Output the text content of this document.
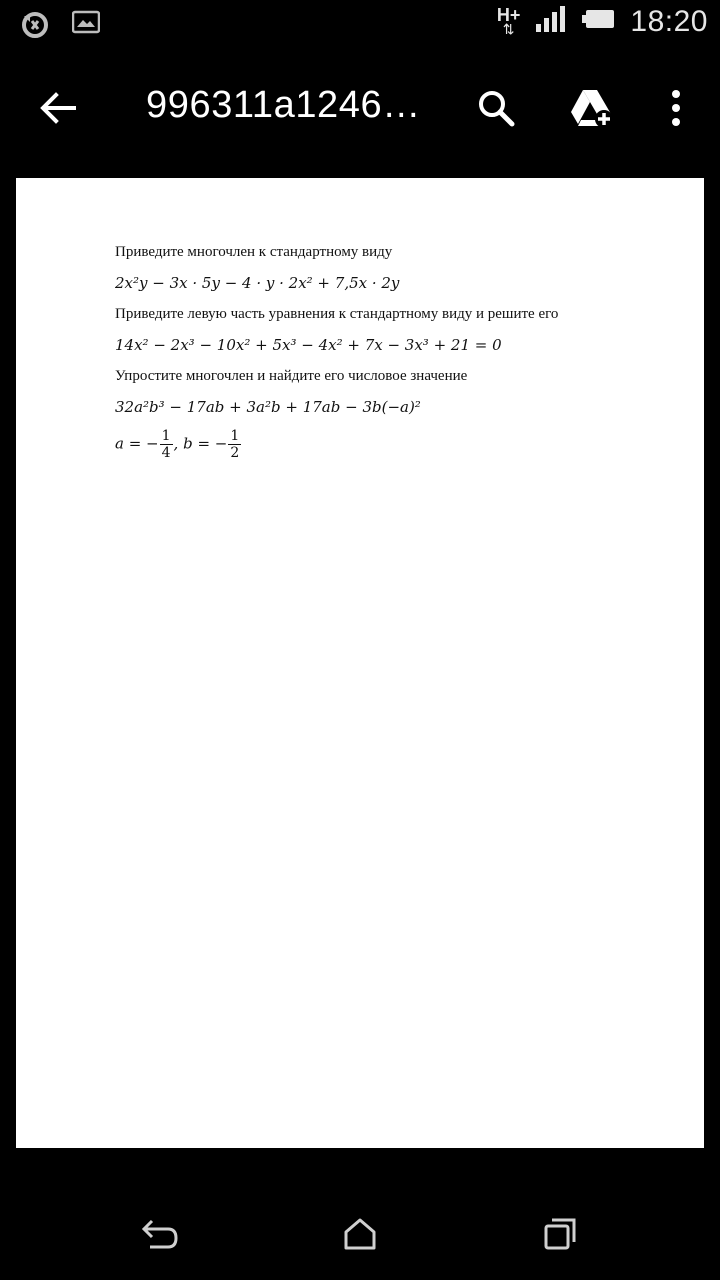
H+
⇅	18:20
996311a1246…

Приведите многочлен к стандартному виду

2x²y − 3x · 5y − 4 · y · 2x² + 7,5x · 2y

Приведите левую часть уравнения к стандартному виду и решите его

14x² − 2x³ − 10x² + 5x³ − 4x² + 7x − 3x³ + 21 = 0

Упростите многочлен и найдите его числовое значение

32a²b³ − 17ab + 3a²b + 17ab − 3b(−a)²

a = − $\frac{1}{4}$ , b = − $\frac{1}{2}$
